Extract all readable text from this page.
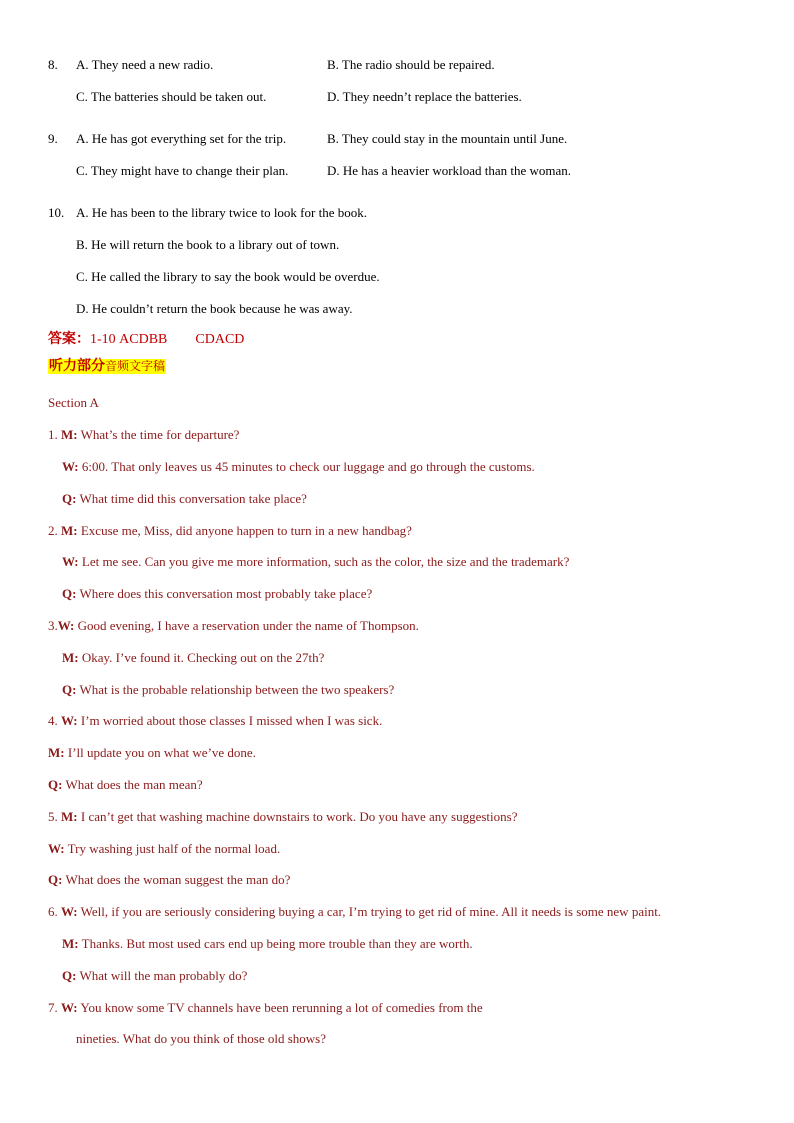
8. A. They need a new radio.	B. The radio should be repaired.
C. The batteries should be taken out.	D. They needn’t replace the batteries.
9. A. He has got everything set for the trip.	B. They could stay in the mountain until June.
C. They might have to change their plan.	D. He has a heavier workload than the woman.
10. A. He has been to the library twice to look for the book.
B. He will return the book to a library out of town.
C. He called the library to say the book would be overdue.
D. He couldn’t return the book because he was away.
答案：1-10 ACDBB CDACD
听力部分音频文字稿
Section A
1. M: What’s the time for departure?
W: 6:00. That only leaves us 45 minutes to check our luggage and go through the customs.
Q: What time did this conversation take place?
2. M: Excuse me, Miss, did anyone happen to turn in a new handbag?
W: Let me see. Can you give me more information, such as the color, the size and the trademark?
Q: Where does this conversation most probably take place?
3.W: Good evening, I have a reservation under the name of Thompson.
M: Okay. I’ve found it. Checking out on the 27th?
Q: What is the probable relationship between the two speakers?
4. W: I’m worried about those classes I missed when I was sick.
M: I’ll update you on what we’ve done.
Q: What does the man mean?
5. M: I can’t get that washing machine downstairs to work. Do you have any suggestions?
W: Try washing just half of the normal load.
Q: What does the woman suggest the man do?
6. W: Well, if you are seriously considering buying a car, I’m trying to get rid of mine. All it needs is some new paint.
M: Thanks. But most used cars end up being more trouble than they are worth.
Q: What will the man probably do?
7. W: You know some TV channels have been rerunning a lot of comedies from the
nineties. What do you think of those old shows?
